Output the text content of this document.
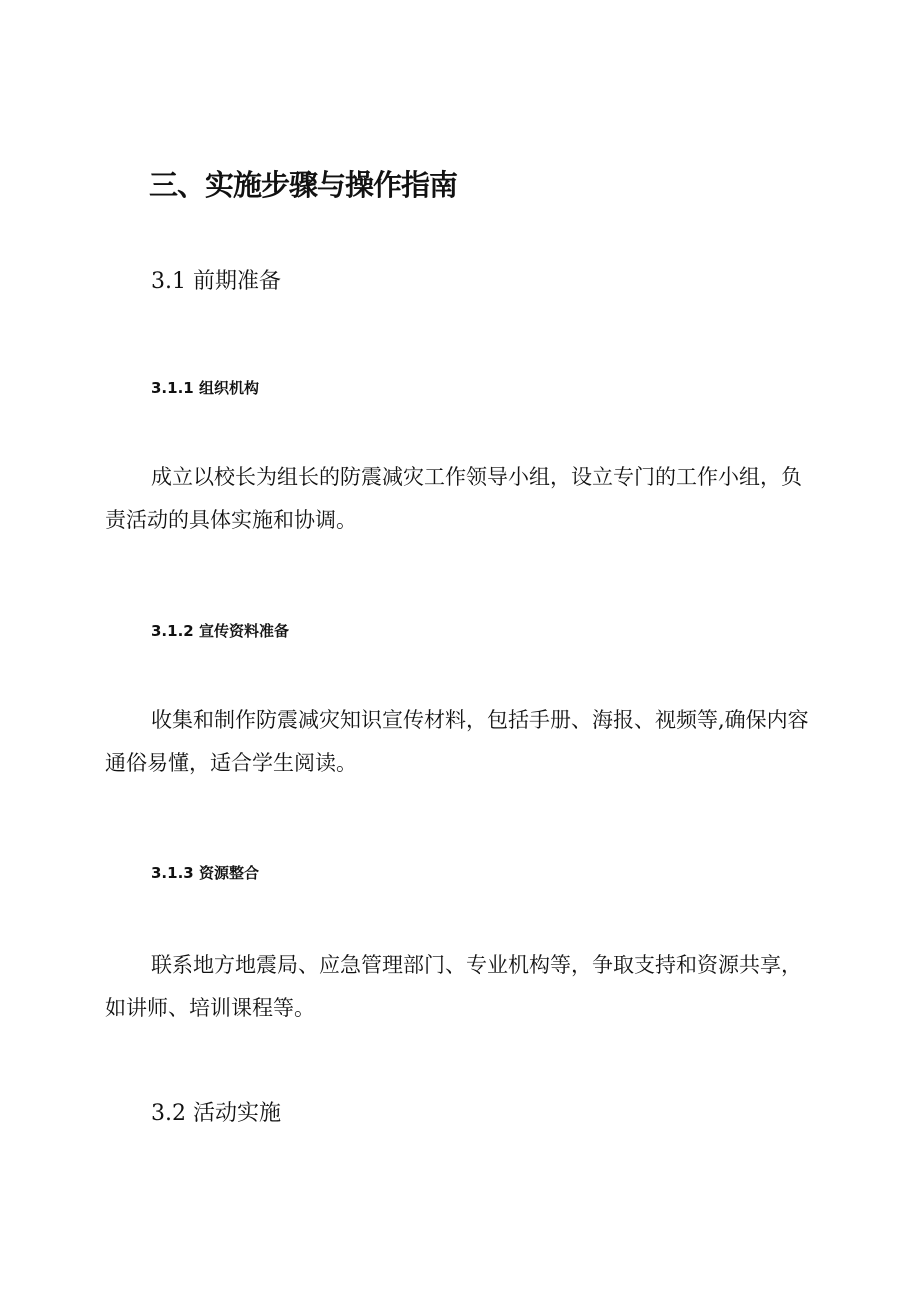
三、实施步骤与操作指南
3.1 前期准备
3.1.1 组织机构
成立以校长为组长的防震减灾工作领导小组，设立专门的工作小组，负责活动的具体实施和协调。
3.1.2 宣传资料准备
收集和制作防震减灾知识宣传材料，包括手册、海报、视频等,确保内容通俗易懂，适合学生阅读。
3.1.3 资源整合
联系地方地震局、应急管理部门、专业机构等，争取支持和资源共享，如讲师、培训课程等。
3.2 活动实施
